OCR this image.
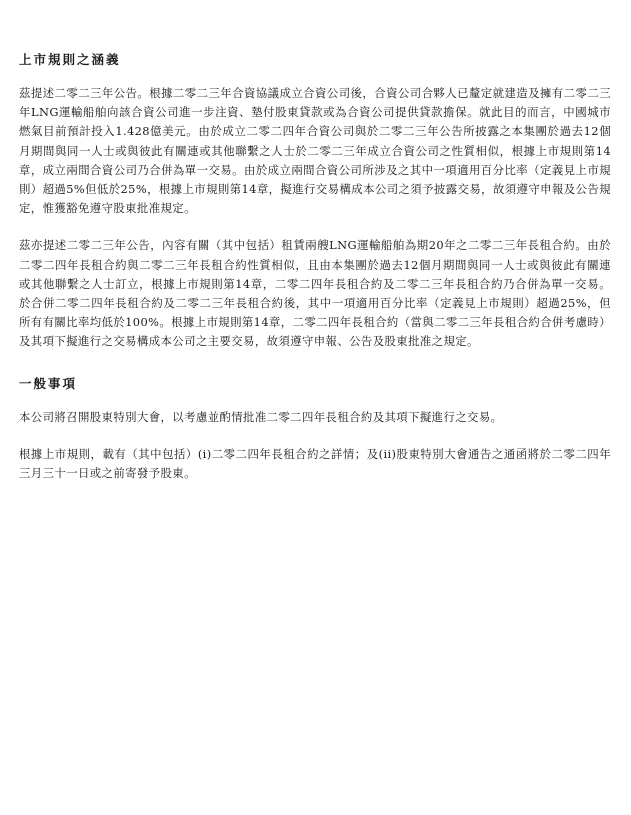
上市規則之涵義

茲提述二零二三年公告。根據二零二三年合資協議成立合資公司後，合資公司合夥人已釐定就建造及擁有二零二三年LNG運輸船舶向該合資公司進一步注資、墊付股東貸款或為合資公司提供貸款擔保。就此目的而言，中國城市燃氣目前預計投入1.428億美元。由於成立二零二四年合資公司與於二零二三年公告所披露之本集團於過去12個月期間與同一人士或與彼此有關連或其他聯繫之人士於二零二三年成立合資公司之性質相似，根據上市規則第14章，成立兩間合資公司乃合併為單一交易。由於成立兩間合資公司所涉及之其中一項適用百分比率（定義見上市規則）超過5%但低於25%，根據上市規則第14章，擬進行交易構成本公司之須予披露交易，故須遵守申報及公告規定，惟獲豁免遵守股東批准規定。

茲亦提述二零二三年公告，內容有關（其中包括）租賃兩艘LNG運輸船舶為期20年之二零二三年長租合約。由於二零二四年長租合約與二零二三年長租合約性質相似，且由本集團於過去12個月期間與同一人士或與彼此有關連或其他聯繫之人士訂立，根據上市規則第14章，二零二四年長租合約及二零二三年長租合約乃合併為單一交易。於合併二零二四年長租合約及二零二三年長租合約後，其中一項適用百分比率（定義見上市規則）超過25%，但所有有關比率均低於100%。根據上市規則第14章，二零二四年長租合約（當與二零二三年長租合約合併考慮時）及其項下擬進行之交易構成本公司之主要交易，故須遵守申報、公告及股東批准之規定。

一般事項

本公司將召開股東特別大會，以考慮並酌情批准二零二四年長租合約及其項下擬進行之交易。

根據上市規則，載有（其中包括）(i)二零二四年長租合約之詳情；及(ii)股東特別大會通告之通函將於二零二四年三月三十一日或之前寄發予股東。
